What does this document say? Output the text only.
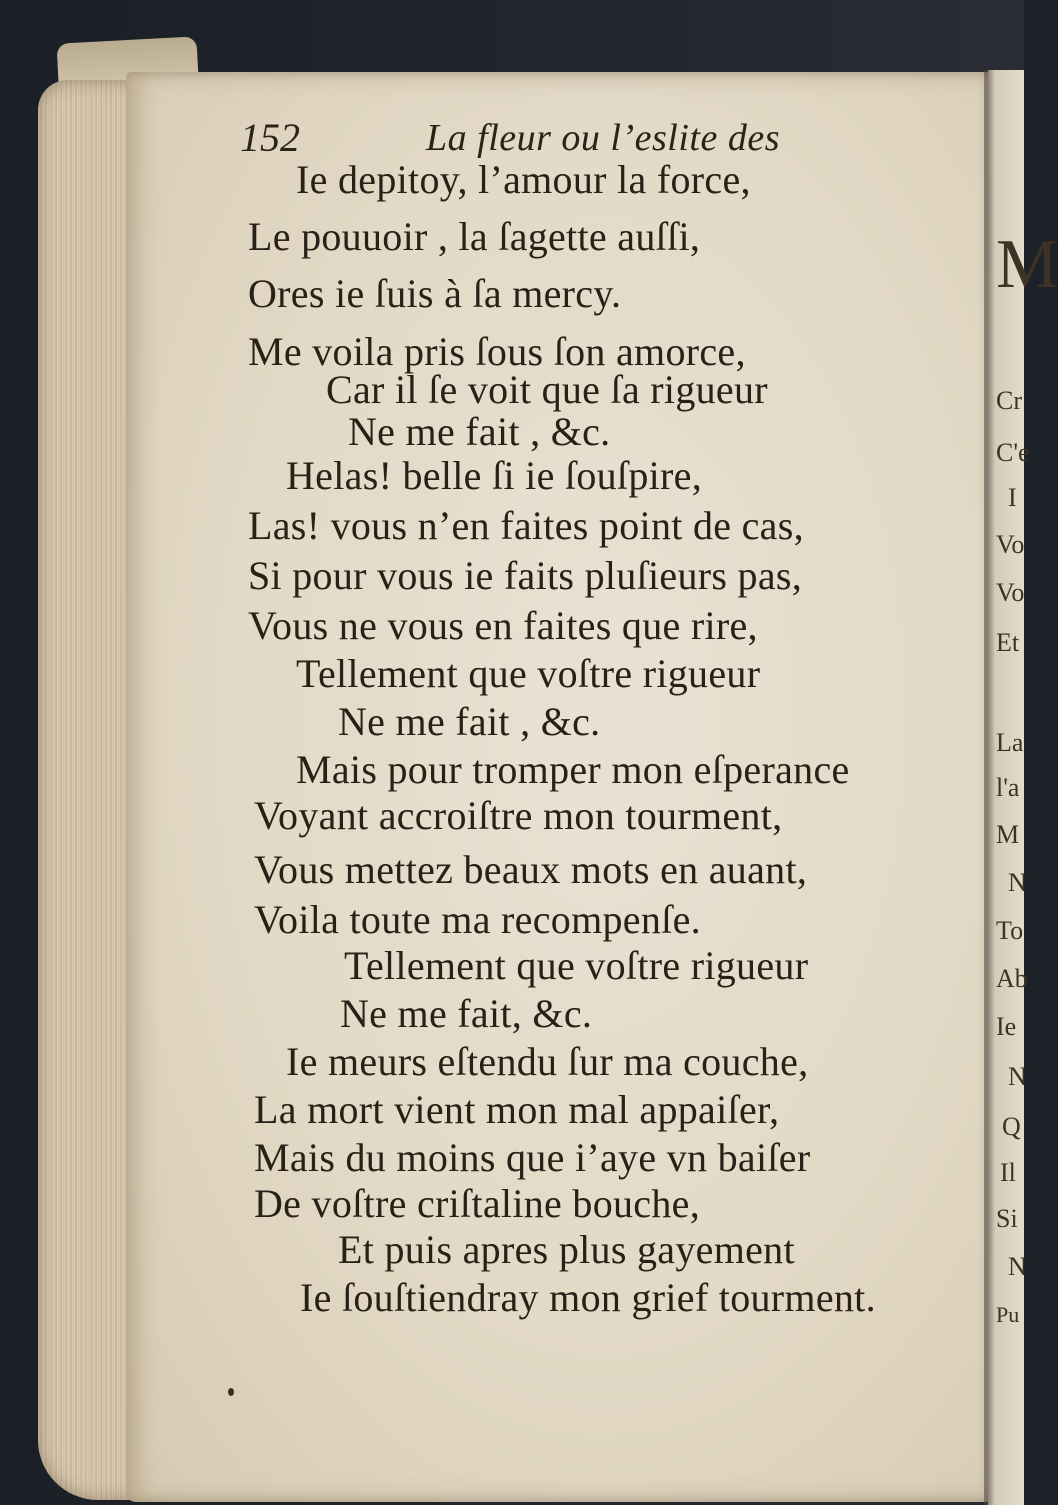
M
Cr
C'e
I
Vo
Vo
Et
La
l'a
M
N
To
Ab
Ie
N
Q
Il
Si
N
Pu
152	La fleur ou l’eslite des
Ie depitoy, l’amour la force,
Le pouuoir , la ſagette auſſi,
Ores ie ſuis à ſa mercy.
Me voila pris ſous ſon amorce,
Car il ſe voit que ſa rigueur
Ne me fait , &c.
Helas! belle ſi ie ſouſpire,
Las! vous n’en faites point de cas,
Si pour vous ie faits pluſieurs pas,
Vous ne vous en faites que rire,
Tellement que voſtre rigueur
Ne me fait , &c.
Mais pour tromper mon eſperance
Voyant accroiſtre mon tourment,
Vous mettez beaux mots en auant,
Voila toute ma recompenſe.
Tellement que voſtre rigueur
Ne me fait, &c.
Ie meurs eſtendu ſur ma couche,
La mort vient mon mal appaiſer,
Mais du moins que i’aye vn baiſer
De voſtre criſtaline bouche,
Et puis apres plus gayement
Ie ſouſtiendray mon grief tourment.
